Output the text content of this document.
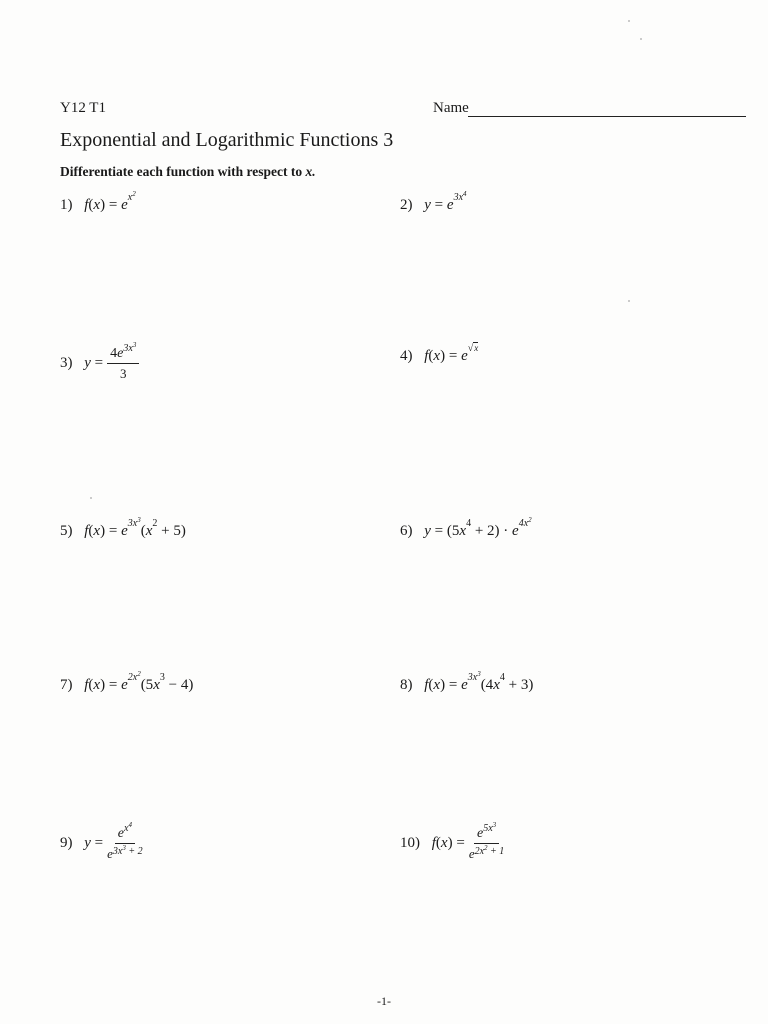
Y12 T1	Name
Exponential and Logarithmic Functions 3
Differentiate each function with respect to x.
1) $f(x) = e^{x^2}$
2) $y = e^{3x^4}$
3) $y = \frac{4e^{3x^3}}{3}$	4) $f(x) = e^{√x}$
5) $f(x) = e^{3x^3}(x^2 + 5)$	6) $y = (5x^4 + 2) \cdot e^{4x^2}$
7) $f(x) = e^{2x^2}(5x^3 - 4)$	8) $f(x) = e^{3x^3}(4x^4 + 3)$
9) $y = \frac{e^{x^4}}{e^{3x^3 + 2}}$	10) $f(x) = \frac{e^{5x^3}}{e^{2x^2 + 1}}$
-1-
